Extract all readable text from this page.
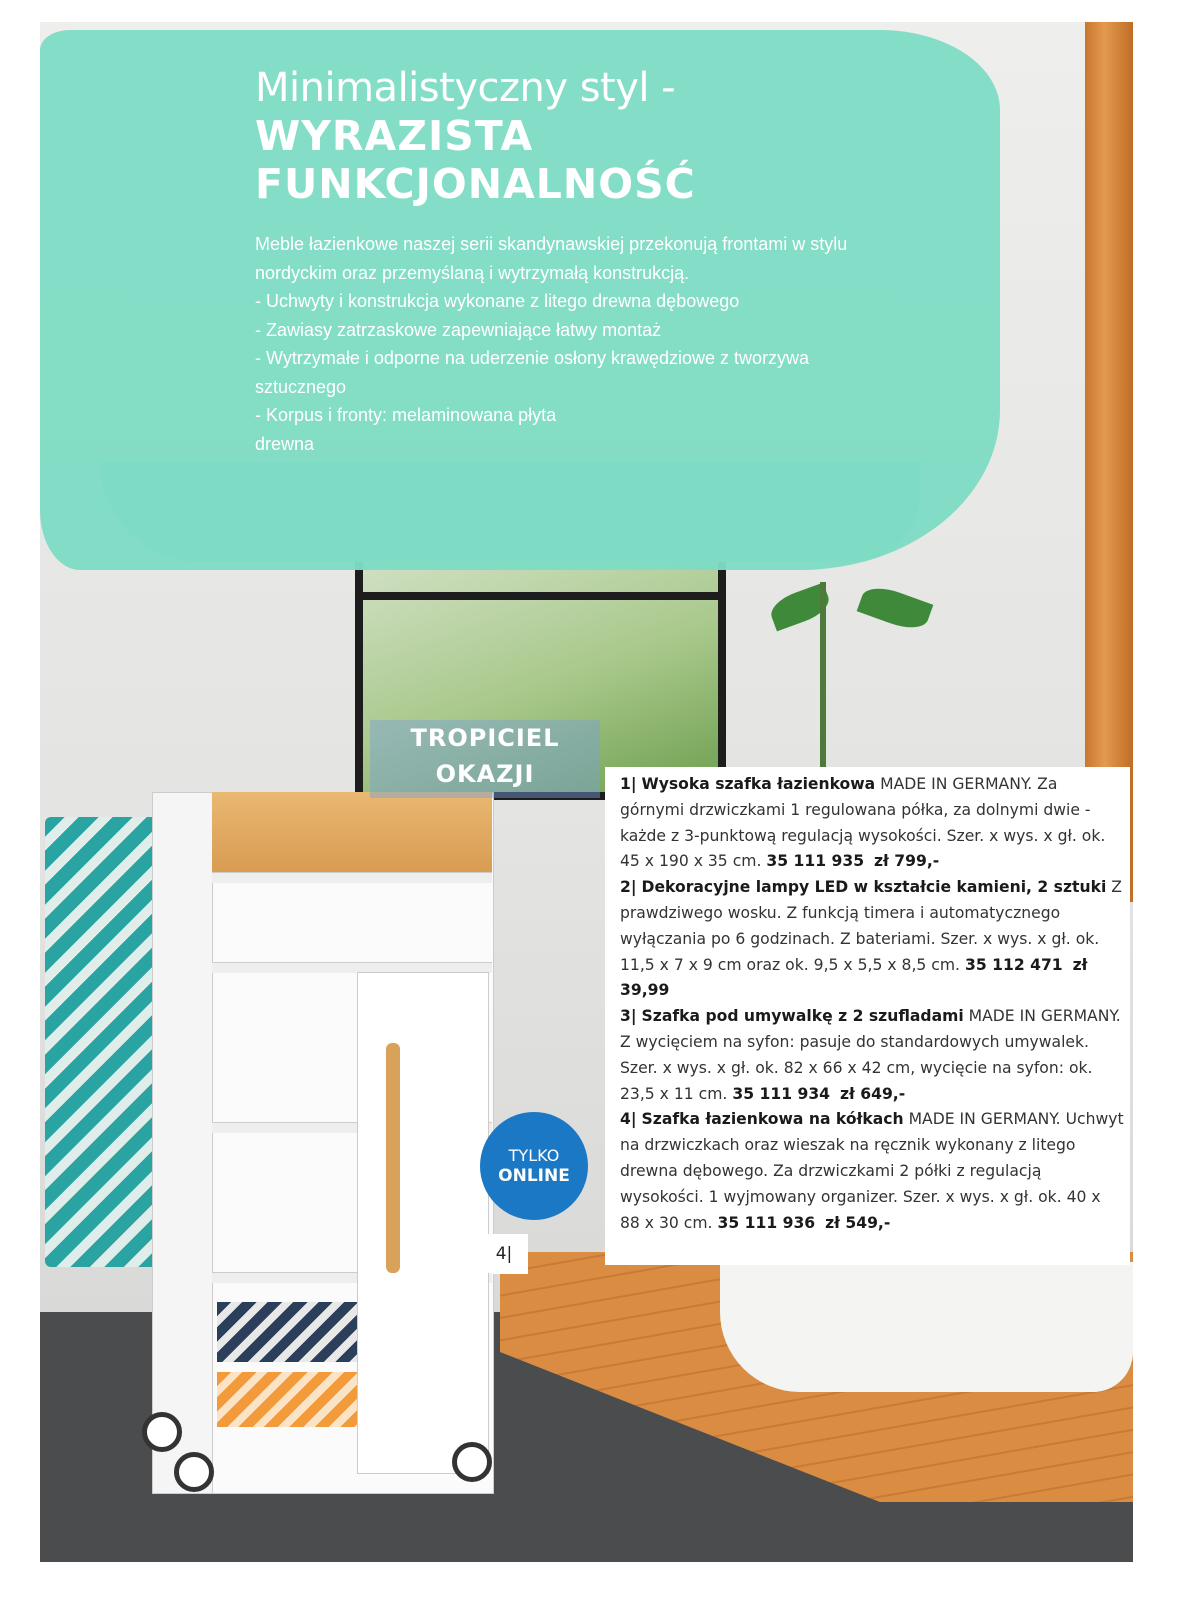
Minimalistyczny styl -
WYRAZISTA
FUNKCJONALNOŚĆ
Meble łazienkowe naszej serii skandynawskiej przekonują frontami w stylu nordyckim oraz przemyślaną i wytrzymałą konstrukcją.
- Uchwyty i konstrukcja wykonane z litego drewna dębowego
- Zawiasy zatrzaskowe zapewniające łatwy montaż
- Wytrzymałe i odporne na uderzenie osłony krawędziowe z tworzywa sztucznego
- Korpus i fronty: melaminowana płyta drewna
TROPICIEL
OKAZJI	1| Wysoka szafka łazienkowa MADE IN GERMANY. Za górnymi drzwiczkami 1 regulowana półka, za dolnymi dwie - każde z 3-punktową regulacją wysokości. Szer. x wys. x gł. ok. 45 x 190 x 35 cm. 35 111 935 zł 799,-

2| Dekoracyjne lampy LED w kształcie kamieni, 2 sztuki Z prawdziwego wosku. Z funkcją timera i automatycznego wyłączania po 6 godzinach. Z bateriami. Szer. x wys. x gł. ok. 11,5 x 7 x 9 cm oraz ok. 9,5 x 5,5 x 8,5 cm. 35 112 471 zł 39,99

3| Szafka pod umywalkę z 2 szufladami MADE IN GERMANY. Z wycięciem na syfon: pasuje do standardowych umywalek. Szer. x wys. x gł. ok. 82 x 66 x 42 cm, wycięcie na syfon: ok. 23,5 x 11 cm. 35 111 934 zł 649,-

4| Szafka łazienkowa na kółkach MADE IN GERMANY. Uchwyt na drzwiczkach oraz wieszak na ręcznik wykonany z litego drewna dębowego. Za drzwiczkami 2 półki z regulacją wysokości. 1 wyjmowany organizer. Szer. x wys. x gł. ok. 40 x 88 x 30 cm. 35 111 936 zł 549,-

TYLKO
ONLINE
4|
